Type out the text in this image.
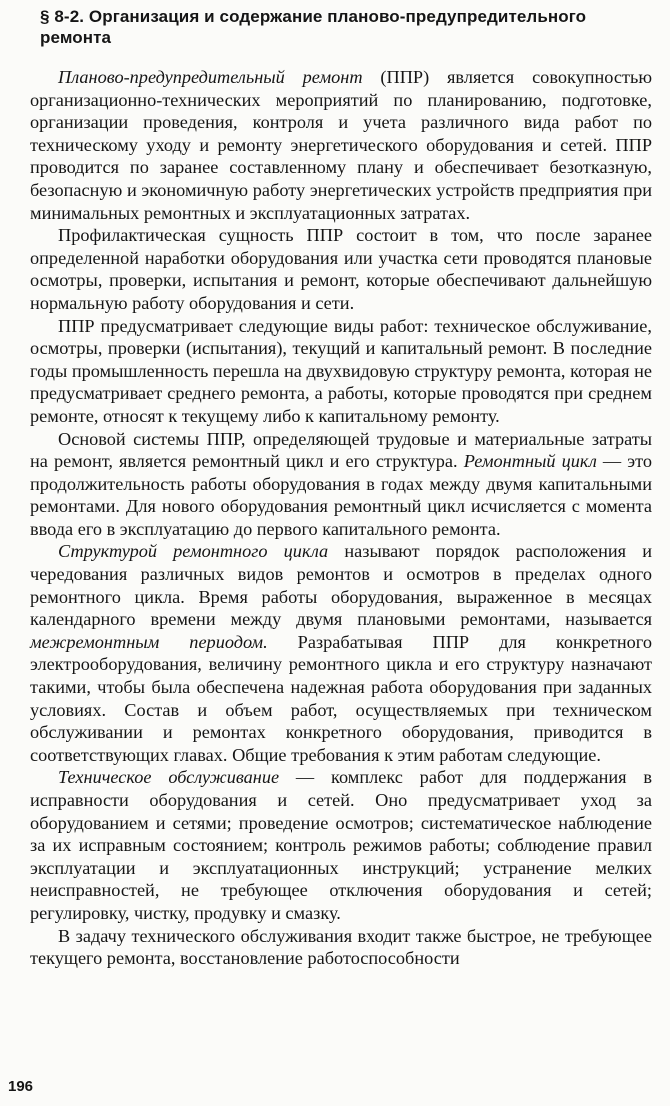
§ 8-2. Организация и содержание планово-предупредительного ремонта

Планово-предупредительный ремонт (ППР) является совокупностью организационно-технических мероприятий по планированию, подготовке, организации проведения, контроля и учета различного вида работ по техническому уходу и ремонту энергетического оборудования и сетей. ППР проводится по заранее составленному плану и обеспечивает безотказную, безопасную и экономичную работу энергетических устройств предприятия при минимальных ремонтных и эксплуатационных затратах.

Профилактическая сущность ППР состоит в том, что после заранее определенной наработки оборудования или участка сети проводятся плановые осмотры, проверки, испытания и ремонт, которые обеспечивают дальнейшую нормальную работу оборудования и сети.

ППР предусматривает следующие виды работ: техническое обслуживание, осмотры, проверки (испытания), текущий и капитальный ремонт. В последние годы промышленность перешла на двухвидовую структуру ремонта, которая не предусматривает среднего ремонта, а работы, которые проводятся при среднем ремонте, относят к текущему либо к капитальному ремонту.

Основой системы ППР, определяющей трудовые и материальные затраты на ремонт, является ремонтный цикл и его структура. Ремонтный цикл — это продолжительность работы оборудования в годах между двумя капитальными ремонтами. Для нового оборудования ремонтный цикл исчисляется с момента ввода его в эксплуатацию до первого капитального ремонта.

Структурой ремонтного цикла называют порядок расположения и чередования различных видов ремонтов и осмотров в пределах одного ремонтного цикла. Время работы оборудования, выраженное в месяцах календарного времени между двумя плановыми ремонтами, называется межремонтным периодом. Разрабатывая ППР для конкретного электрооборудования, величину ремонтного цикла и его структуру назначают такими, чтобы была обеспечена надежная работа оборудования при заданных условиях. Состав и объем работ, осуществляемых при техническом обслуживании и ремонтах конкретного оборудования, приводится в соответствующих главах. Общие требования к этим работам следующие.

Техническое обслуживание — комплекс работ для поддержания в исправности оборудования и сетей. Оно предусматривает уход за оборудованием и сетями; проведение осмотров; систематическое наблюдение за их исправным состоянием; контроль режимов работы; соблюдение правил эксплуатации и эксплуатационных инструкций; устранение мелких неисправностей, не требующее отключения оборудования и сетей; регулировку, чистку, продувку и смазку.

В задачу технического обслуживания входит также быстрое, не требующее текущего ремонта, восстановление работоспособности

196
